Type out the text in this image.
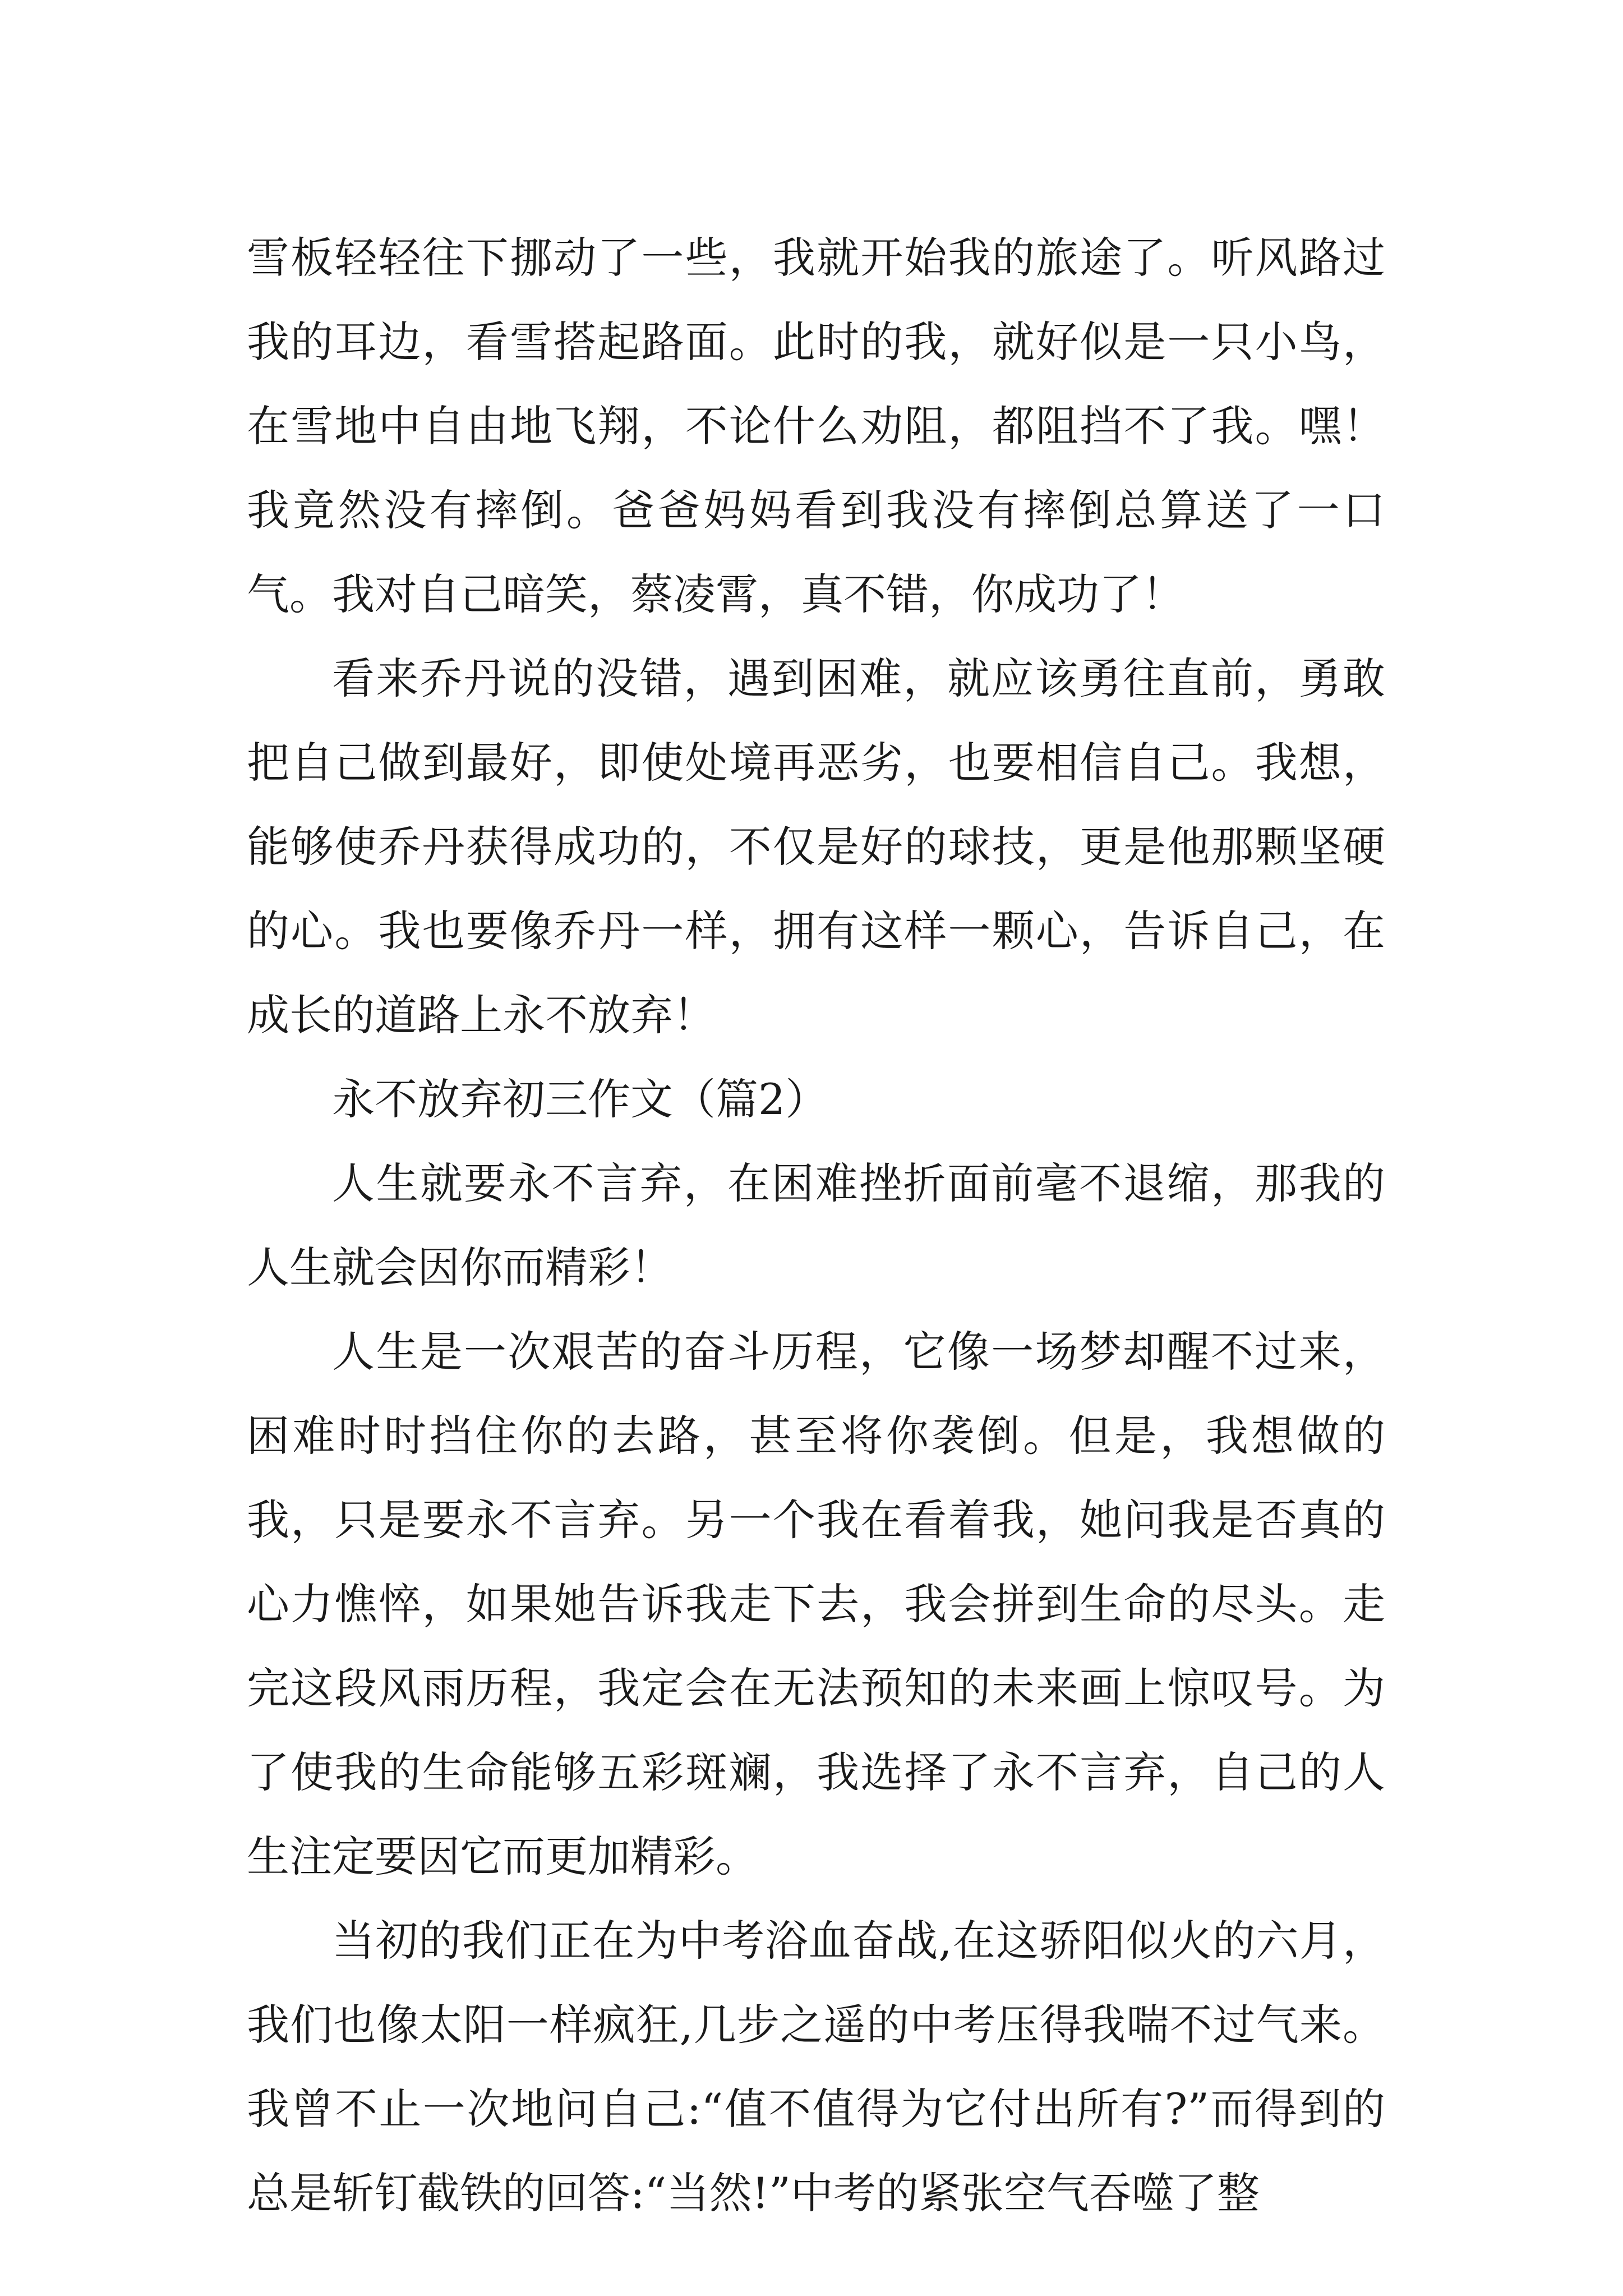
雪板轻轻往下挪动了一些，我就开始我的旅途了。听风路过我的耳边，看雪搭起路面。此时的我，就好似是一只小鸟，在雪地中自由地飞翔，不论什么劝阻，都阻挡不了我。嘿！我竟然没有摔倒。爸爸妈妈看到我没有摔倒总算送了一口气。我对自己暗笑，蔡凌霄，真不错，你成功了！

看来乔丹说的没错，遇到困难，就应该勇往直前，勇敢把自己做到最好，即使处境再恶劣，也要相信自己。我想，能够使乔丹获得成功的，不仅是好的球技，更是他那颗坚硬的心。我也要像乔丹一样，拥有这样一颗心，告诉自己，在成长的道路上永不放弃！

永不放弃初三作文（篇2）

人生就要永不言弃，在困难挫折面前毫不退缩，那我的人生就会因你而精彩！

人生是一次艰苦的奋斗历程，它像一场梦却醒不过来，困难时时挡住你的去路，甚至将你袭倒。但是，我想做的我，只是要永不言弃。另一个我在看着我，她问我是否真的心力憔悴，如果她告诉我走下去，我会拼到生命的尽头。走完这段风雨历程，我定会在无法预知的未来画上惊叹号。为了使我的生命能够五彩斑斓，我选择了永不言弃，自己的人生注定要因它而更加精彩。

当初的我们正在为中考浴血奋战,在这骄阳似火的六月，我们也像太阳一样疯狂,几步之遥的中考压得我喘不过气来。我曾不止一次地问自己:“值不值得为它付出所有?”而得到的总是斩钉截铁的回答:“当然!”中考的紧张空气吞噬了整
